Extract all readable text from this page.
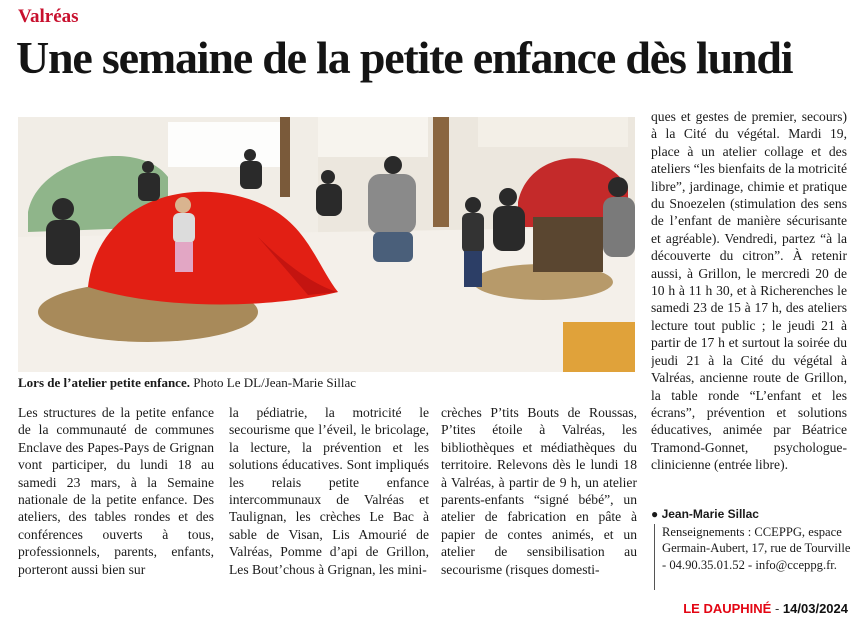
Valréas
Une semaine de la petite enfance dès lundi
Lors de l’atelier petite enfance. Photo Le DL/Jean-Marie Sillac

Les structures de la petite enfance de la communauté de communes Enclave des Papes-Pays de Grignan vont participer, du lundi 18 au samedi 23 mars, à la Semaine nationale de la petite enfance. Des ateliers, des tables rondes et des conférences ouverts à tous, professionnels, parents, enfants, porteront aussi bien sur

la pédiatrie, la motricité le secourisme que l’éveil, le bricolage, la lecture, la prévention et les solutions éducatives. Sont impliqués les relais petite enfance intercommunaux de Valréas et Taulignan, les crèches Le Bac à sable de Visan, Lis Amourié de Valréas, Pomme d’api de Grillon, Les Bout’chous à Grignan, les mini-

crèches P’tits Bouts de Roussas, P’tites étoile à Valréas, les bibliothèques et médiathèques du territoire. Relevons dès le lundi 18 à Valréas, à partir de 9 h, un atelier parents-enfants “signé bébé”, un atelier de fabrication en pâte à papier de contes animés, et un atelier de sensibilisation au secourisme (risques domesti-

ques et gestes de premier, secours) à la Cité du végétal. Mardi 19, place à un atelier collage et des ateliers “les bienfaits de la motricité libre”, jardinage, chimie et pratique du Snoezelen (stimulation des sens de l’enfant de manière sécurisante et agréable). Vendredi, partez “à la découverte du citron”. À retenir aussi, à Grillon, le mercredi 20 de 10 h à 11 h 30, et à Richerenches le samedi 23 de 15 à 17 h, des ateliers lecture tout public ; le jeudi 21 à partir de 17 h et surtout la soirée du jeudi 21 à la Cité du végétal à Valréas, ancienne route de Grillon, la table ronde “L’enfant et les écrans”, prévention et solutions éducatives, animée par Béatrice Tramond-Gonnet, psychologue-clinicienne (entrée libre).

● Jean-Marie Sillac
Renseignements : CCEPPG, espace Germain-Aubert, 17, rue de Tourville - 04.90.35.01.52 - info@cceppg.fr.
LE DAUPHINÉ - 14/03/2024
